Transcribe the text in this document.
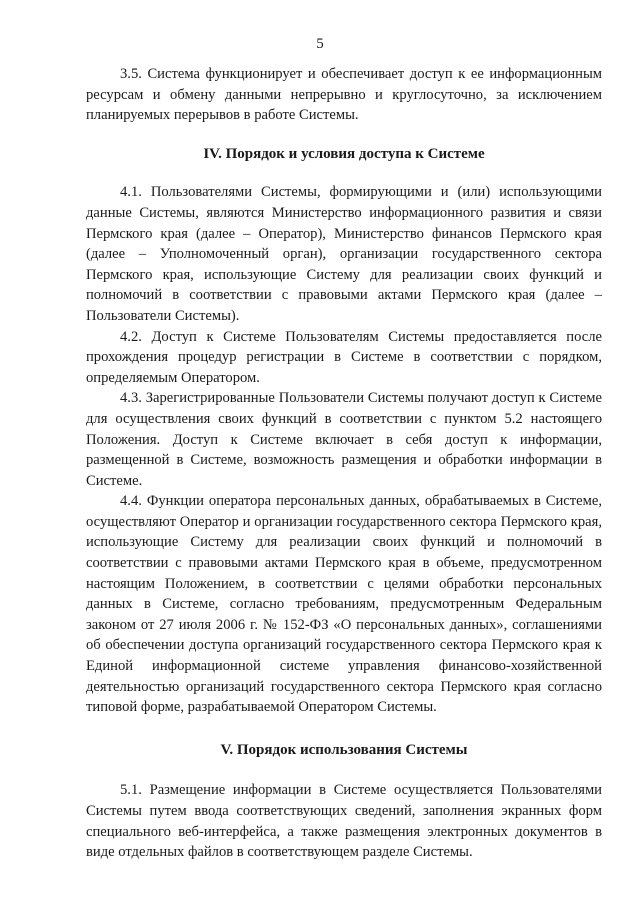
5

3.5. Система функционирует и обеспечивает доступ к ее информационным ресурсам и обмену данными непрерывно и круглосуточно, за исключением планируемых перерывов в работе Системы.

IV. Порядок и условия доступа к Системе

4.1. Пользователями Системы, формирующими и (или) использующими данные Системы, являются Министерство информационного развития и связи Пермского края (далее – Оператор), Министерство финансов Пермского края (далее – Уполномоченный орган), организации государственного сектора Пермского края, использующие Систему для реализации своих функций и полномочий в соответствии с правовыми актами Пермского края (далее – Пользователи Системы).

4.2. Доступ к Системе Пользователям Системы предоставляется после прохождения процедур регистрации в Системе в соответствии с порядком, определяемым Оператором.

4.3. Зарегистрированные Пользователи Системы получают доступ к Системе для осуществления своих функций в соответствии с пунктом 5.2 настоящего Положения. Доступ к Системе включает в себя доступ к информации, размещенной в Системе, возможность размещения и обработки информации в Системе.

4.4. Функции оператора персональных данных, обрабатываемых в Системе, осуществляют Оператор и организации государственного сектора Пермского края, использующие Систему для реализации своих функций и полномочий в соответствии с правовыми актами Пермского края в объеме, предусмотренном настоящим Положением, в соответствии с целями обработки персональных данных в Системе, согласно требованиям, предусмотренным Федеральным законом от 27 июля 2006 г. № 152-ФЗ «О персональных данных», соглашениями об обеспечении доступа организаций государственного сектора Пермского края к Единой информационной системе управления финансово-хозяйственной деятельностью организаций государственного сектора Пермского края согласно типовой форме, разрабатываемой Оператором Системы.

V. Порядок использования Системы

5.1. Размещение информации в Системе осуществляется Пользователями Системы путем ввода соответствующих сведений, заполнения экранных форм специального веб-интерфейса, а также размещения электронных документов в виде отдельных файлов в соответствующем разделе Системы.
